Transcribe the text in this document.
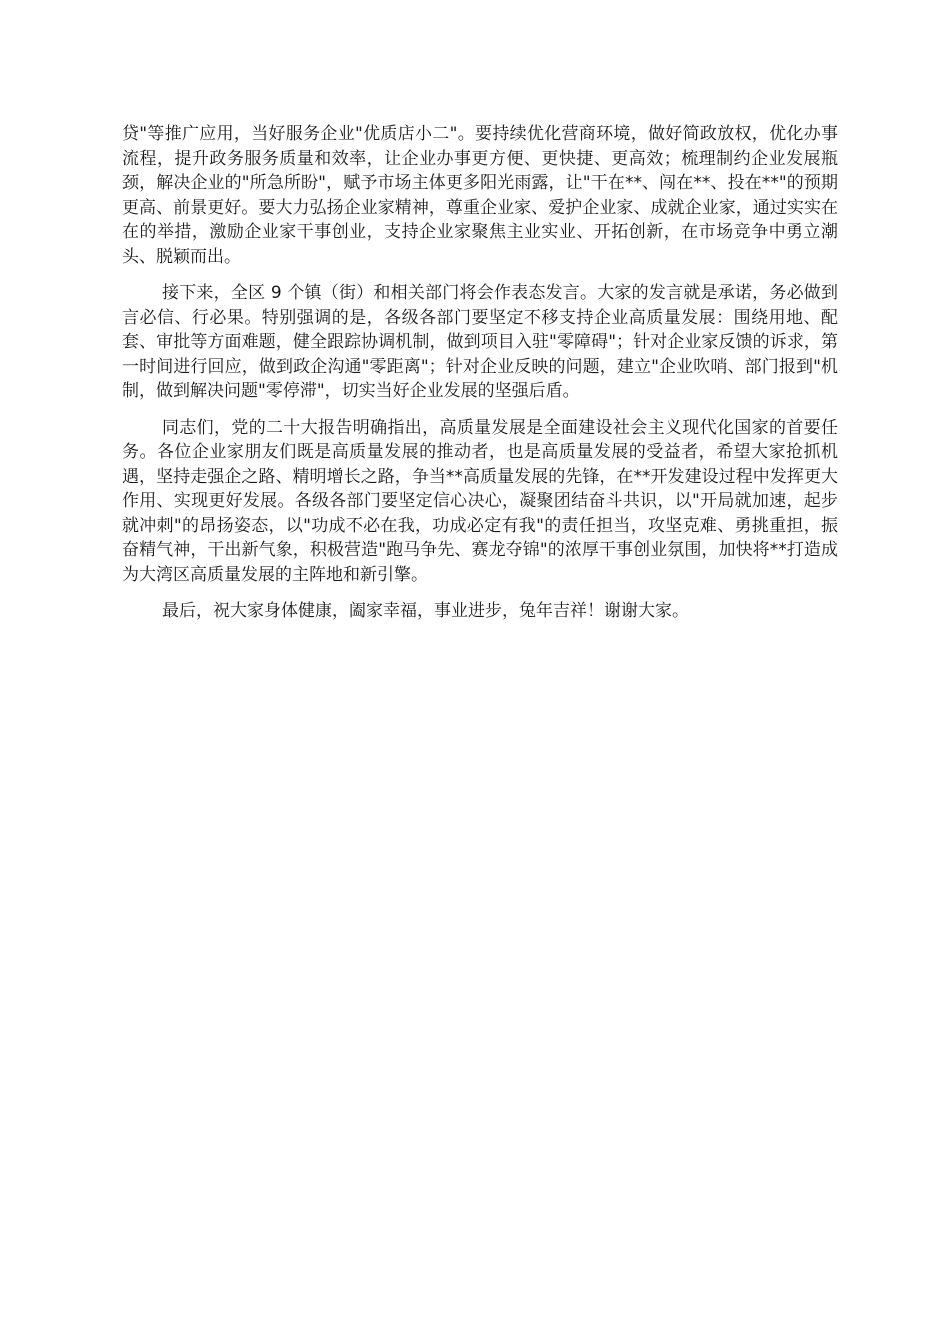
贷"等推广应用，当好服务企业"优质店小二"。要持续优化营商环境，做好简政放权，优化办事流程，提升政务服务质量和效率，让企业办事更方便、更快捷、更高效；梳理制约企业发展瓶颈，解决企业的"所急所盼"，赋予市场主体更多阳光雨露，让"干在**、闯在**、投在**"的预期更高、前景更好。要大力弘扬企业家精神，尊重企业家、爱护企业家、成就企业家，通过实实在在的举措，激励企业家干事创业，支持企业家聚焦主业实业、开拓创新，在市场竞争中勇立潮头、脱颖而出。

接下来，全区 9 个镇（街）和相关部门将会作表态发言。大家的发言就是承诺，务必做到言必信、行必果。特别强调的是，各级各部门要坚定不移支持企业高质量发展：围绕用地、配套、审批等方面难题，健全跟踪协调机制，做到项目入驻"零障碍"；针对企业家反馈的诉求，第一时间进行回应，做到政企沟通"零距离"；针对企业反映的问题，建立"企业吹哨、部门报到"机制，做到解决问题"零停滞"，切实当好企业发展的坚强后盾。

同志们，党的二十大报告明确指出，高质量发展是全面建设社会主义现代化国家的首要任务。各位企业家朋友们既是高质量发展的推动者，也是高质量发展的受益者，希望大家抢抓机遇，坚持走强企之路、精明增长之路，争当**高质量发展的先锋，在**开发建设过程中发挥更大作用、实现更好发展。各级各部门要坚定信心决心，凝聚团结奋斗共识，以"开局就加速，起步就冲刺"的昂扬姿态，以"功成不必在我，功成必定有我"的责任担当，攻坚克难、勇挑重担，振奋精气神，干出新气象，积极营造"跑马争先、赛龙夺锦"的浓厚干事创业氛围，加快将**打造成为大湾区高质量发展的主阵地和新引擎。

最后，祝大家身体健康，阖家幸福，事业进步，兔年吉祥！谢谢大家。
